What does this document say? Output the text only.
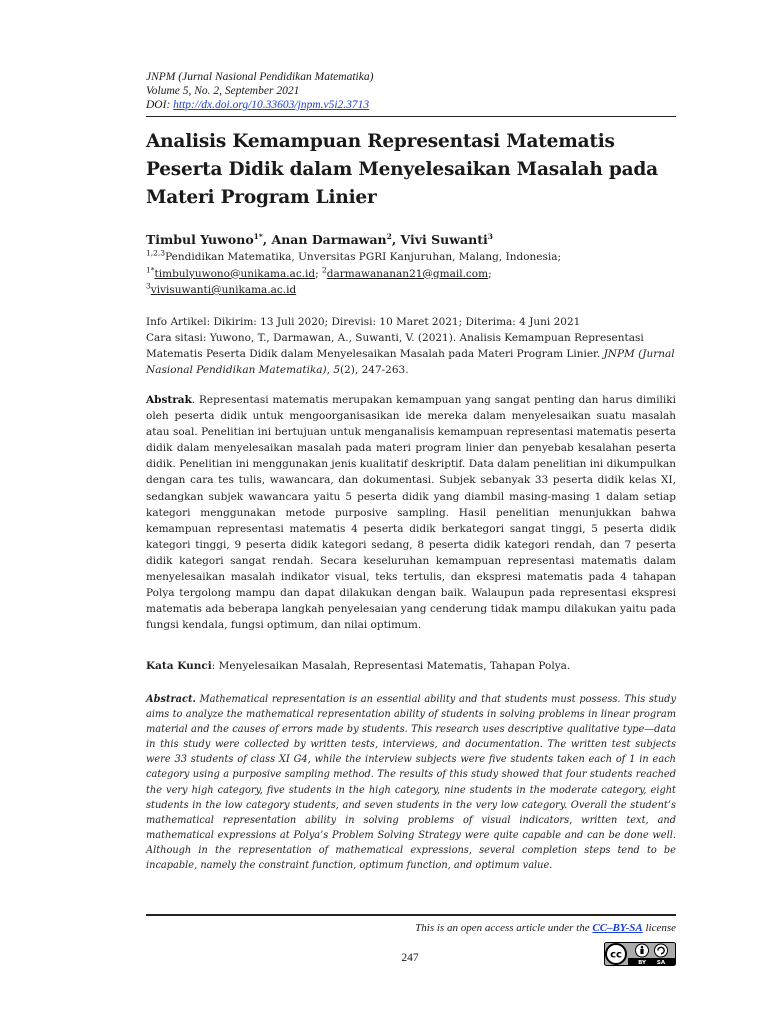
JNPM (Jurnal Nasional Pendidikan Matematika)
Volume 5, No. 2, September 2021
DOI: http://dx.doi.org/10.33603/jnpm.v5i2.3713
Analisis Kemampuan Representasi Matematis Peserta Didik dalam Menyelesaikan Masalah pada Materi Program Linier
Timbul Yuwono$^{1*}$, Anan Darmawan$^2$, Vivi Suwanti$^3$
$^{1,2,3}$Pendidikan Matematika, Unversitas PGRI Kanjuruhan, Malang, Indonesia;
$^{1*}$timbulyuwono@unikama.ac.id; $^2$darmawananan21@gmail.com;
$^3$vivisuwanti@unikama.ac.id
Info Artikel: Dikirim: 13 Juli 2020; Direvisi: 10 Maret 2021; Diterima: 4 Juni 2021
Cara sitasi: Yuwono, T., Darmawan, A., Suwanti, V. (2021). Analisis Kemampuan Representasi Matematis Peserta Didik dalam Menyelesaikan Masalah pada Materi Program Linier. JNPM (Jurnal Nasional Pendidikan Matematika), 5(2), 247-263.
Abstrak. Representasi matematis merupakan kemampuan yang sangat penting dan harus dimiliki oleh peserta didik untuk mengoorganisasikan ide mereka dalam menyelesaikan suatu masalah atau soal. Penelitian ini bertujuan untuk menganalisis kemampuan representasi matematis peserta didik dalam menyelesaikan masalah pada materi program linier dan penyebab kesalahan peserta didik. Penelitian ini menggunakan jenis kualitatif deskriptif. Data dalam penelitian ini dikumpulkan dengan cara tes tulis, wawancara, dan dokumentasi. Subjek sebanyak 33 peserta didik kelas XI, sedangkan subjek wawancara yaitu 5 peserta didik yang diambil masing-masing 1 dalam setiap kategori menggunakan metode purposive sampling. Hasil penelitian menunjukkan bahwa kemampuan representasi matematis 4 peserta didik berkategori sangat tinggi, 5 peserta didik kategori tinggi, 9 peserta didik kategori sedang, 8 peserta didik kategori rendah, dan 7 peserta didik kategori sangat rendah. Secara keseluruhan kemampuan representasi matematis dalam menyelesaikan masalah indikator visual, teks tertulis, dan ekspresi matematis pada 4 tahapan Polya tergolong mampu dan dapat dilakukan dengan baik. Walaupun pada representasi ekspresi matematis ada beberapa langkah penyelesaian yang cenderung tidak mampu dilakukan yaitu pada fungsi kendala, fungsi optimum, dan nilai optimum.
Kata Kunci: Menyelesaikan Masalah, Representasi Matematis, Tahapan Polya.
Abstract. Mathematical representation is an essential ability and that students must possess. This study aims to analyze the mathematical representation ability of students in solving problems in linear program material and the causes of errors made by students. This research uses descriptive qualitative type—data in this study were collected by written tests, interviews, and documentation. The written test subjects were 33 students of class XI G4, while the interview subjects were five students taken each of 1 in each category using a purposive sampling method. The results of this study showed that four students reached the very high category, five students in the high category, nine students in the moderate category, eight students in the low category students, and seven students in the very low category. Overall the student’s mathematical representation ability in solving problems of visual indicators, written text, and mathematical expressions at Polya’s Problem Solving Strategy were quite capable and can be done well. Although in the representation of mathematical expressions, several completion steps tend to be incapable, namely the constraint function, optimum function, and optimum value.
This is an open access article under the CC–BY-SA license
247	cc
BY SA
